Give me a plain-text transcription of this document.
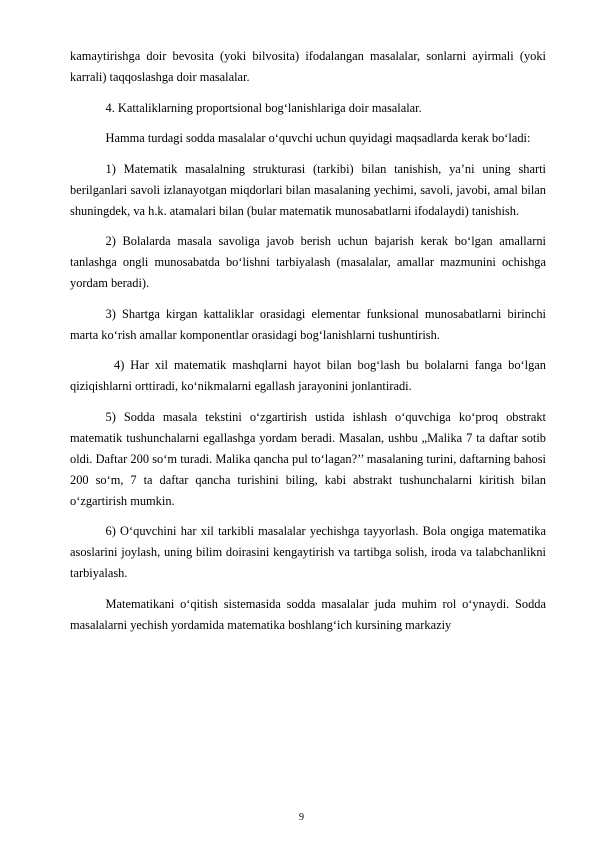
kamaytirishga doir bevosita (yoki bilvosita) ifodalangan masalalar, sonlarni ayirmali (yoki karrali) taqqoslashga doir masalalar.

4. Kattaliklarning proportsional bog‘lanishlariga doir masalalar.

Hamma turdagi sodda masalalar o‘quvchi uchun quyidagi maqsadlarda kerak bo‘ladi:

1) Matematik masalalning strukturasi (tarkibi) bilan tanishish, ya’ni uning sharti berilganlari savoli izlanayotgan miqdorlari bilan masalaning yechimi, savoli, javobi, amal bilan shuningdek, va h.k. atamalari bilan (bular matematik munosabatlarni ifodalaydi) tanishish.

2) Bolalarda masala savoliga javob berish uchun bajarish kerak bo‘lgan amallarni tanlashga ongli munosabatda bo‘lishni tarbiyalash (masalalar, amallar mazmunini ochishga yordam beradi).

3) Shartga kirgan kattaliklar orasidagi elementar funksional munosabatlarni birinchi marta ko‘rish amallar komponentlar orasidagi bog‘lanishlarni tushuntirish.

4) Har xil matematik mashqlarni hayot bilan bog‘lash bu bolalarni fanga bo‘lgan qiziqishlarni orttiradi, ko‘nikmalarni egallash jarayonini jonlantiradi.

5) Sodda masala tekstini o‘zgartirish ustida ishlash o‘quvchiga ko‘proq obstrakt matematik tushunchalarni egallashga yordam beradi. Masalan, ushbu „Malika 7 ta daftar sotib oldi. Daftar 200 so‘m turadi. Malika qancha pul to‘lagan?’’ masalaning turini, daftarning bahosi 200 so‘m, 7 ta daftar qancha turishini biling, kabi abstrakt tushunchalarni kiritish bilan o‘zgartirish mumkin.

6) O‘quvchini har xil tarkibli masalalar yechishga tayyorlash. Bola ongiga matematika asoslarini joylash, uning bilim doirasini kengaytirish va tartibga solish, iroda va talabchanlikni tarbiyalash.

Matematikani o‘qitish sistemasida sodda masalalar juda muhim rol o‘ynaydi. Sodda masalalarni yechish yordamida matematika boshlang‘ich kursining markaziy

9
